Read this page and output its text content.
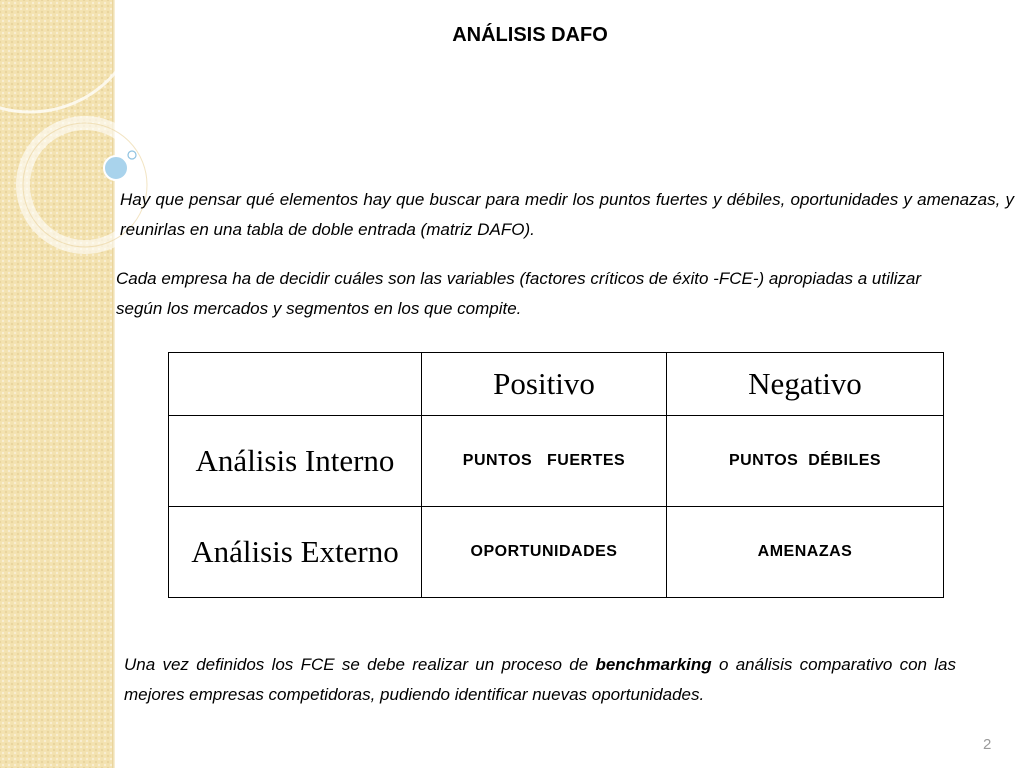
ANÁLISIS DAFO
Hay que pensar qué elementos hay que buscar para medir los puntos fuertes y débiles, oportunidades y amenazas, y reunirlas en una tabla de doble entrada (matriz DAFO).
Cada empresa ha de decidir cuáles son las variables (factores críticos de éxito -FCE-) apropiadas a utilizar según los mercados y segmentos en los que compite.
	Positivo	Negativo
Análisis Interno	PUNTOS   FUERTES	PUNTOS  DÉBILES
Análisis Externo	OPORTUNIDADES	AMENAZAS
Una vez definidos los FCE se debe realizar un proceso de benchmarking o análisis comparativo con las mejores empresas competidoras, pudiendo identificar nuevas oportunidades.
2
